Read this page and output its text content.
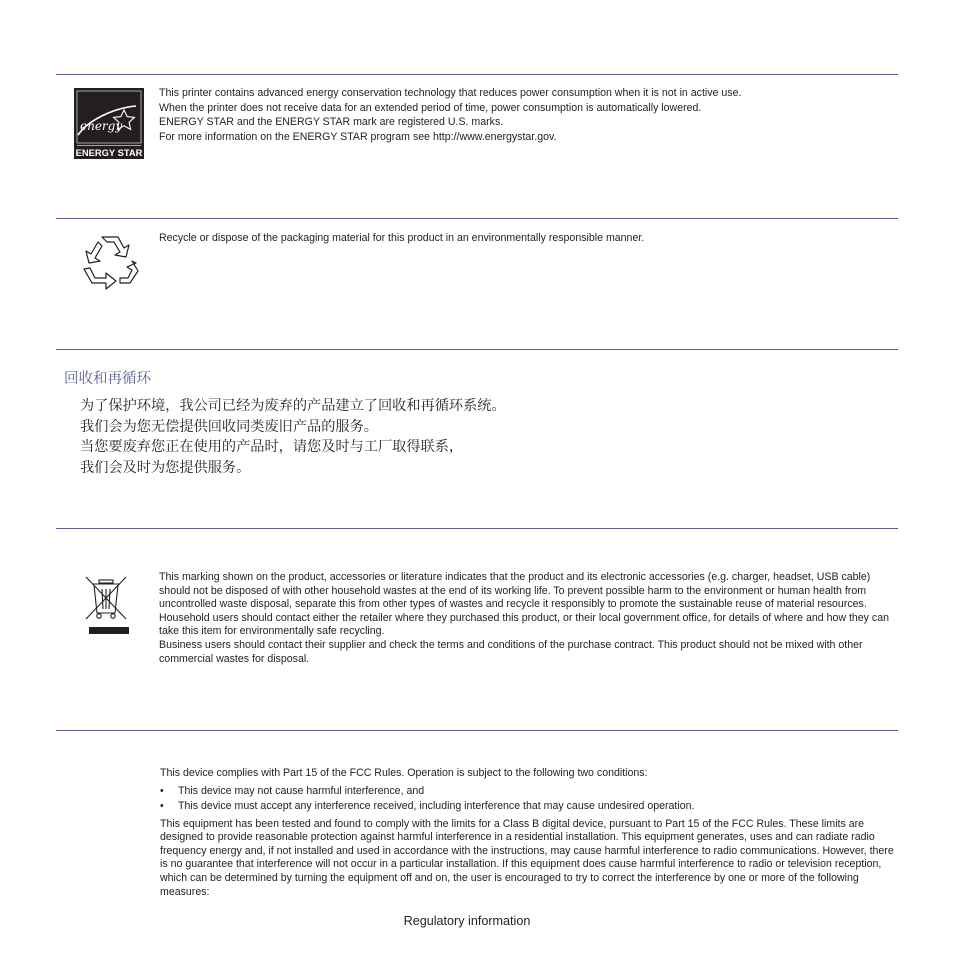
energy
ENERGY STAR
This printer contains advanced energy conservation technology that reduces power consumption when it is not in active use.
When the printer does not receive data for an extended period of time, power consumption is automatically lowered.
ENERGY STAR and the ENERGY STAR mark are registered U.S. marks.
For more information on the ENERGY STAR program see http://www.energystar.gov.
Recycle or dispose of the packaging material for this product in an environmentally responsible manner.
回收和再循环
为了保护环境，我公司已经为废弃的产品建立了回收和再循环系统。
我们会为您无偿提供回收同类废旧产品的服务。
当您要废弃您正在使用的产品时，请您及时与工厂取得联系，
我们会及时为您提供服务。

This marking shown on the product, accessories or literature indicates that the product and its electronic accessories (e.g. charger, headset, USB cable) should not be disposed of with other household wastes at the end of its working life. To prevent possible harm to the environment or human health from uncontrolled waste disposal, separate this from other types of wastes and recycle it responsibly to promote the sustainable reuse of material resources.

Household users should contact either the retailer where they purchased this product, or their local government office, for details of where and how they can take this item for environmentally safe recycling.

Business users should contact their supplier and check the terms and conditions of the purchase contract. This product should not be mixed with other commercial wastes for disposal.

This device complies with Part 15 of the FCC Rules. Operation is subject to the following two conditions:

• This device may not cause harmful interference, and
• This device must accept any interference received, including interference that may cause undesired operation.

This equipment has been tested and found to comply with the limits for a Class B digital device, pursuant to Part 15 of the FCC Rules. These limits are designed to provide reasonable protection against harmful interference in a residential installation. This equipment generates, uses and can radiate radio frequency energy and, if not installed and used in accordance with the instructions, may cause harmful interference to radio communications. However, there is no guarantee that interference will not occur in a particular installation. If this equipment does cause harmful interference to radio or television reception, which can be determined by turning the equipment off and on, the user is encouraged to try to correct the interference by one or more of the following measures:

Regulatory information
